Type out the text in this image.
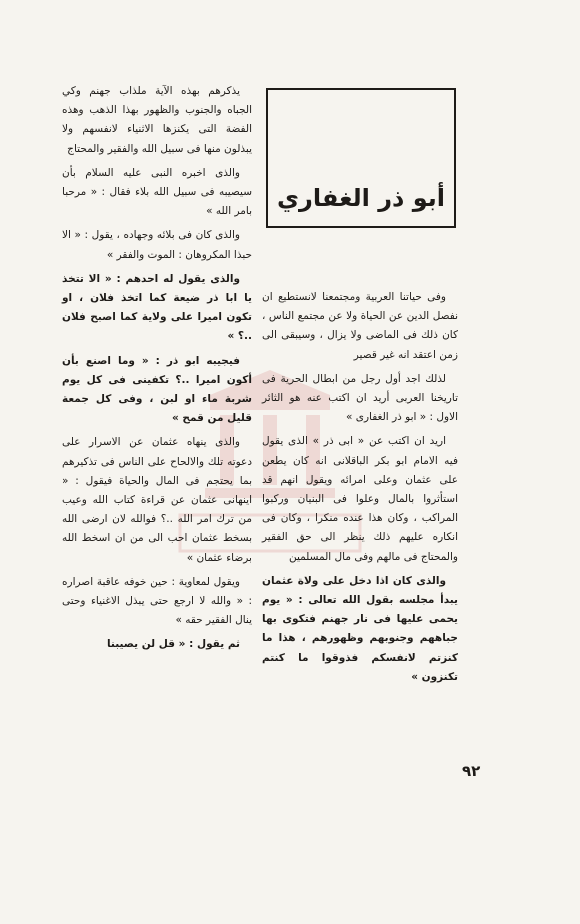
أبو ذر الغفاري

يذكرهم بهذه الآية ملذاب جهنم وكي الجباه والجنوب والظهور بهذا الذهب وهذه الفضة التى يكنزها الاثنياء لانفسهم ولا يبذلون منها فى سبيل الله والفقير والمحتاج

والذى اخبره النبى عليه السلام بأن سيصيبه فى سبيل الله بلاء فقال : « مرحبا بامر الله »

والذى كان فى بلائه وجهاده ، يقول : « الا حبذا المكروهان : الموت والفقر »

والذى يقول له احدهم : « الا تتخذ يا ابا ذر ضيعة كما اتخذ فلان ، او تكون اميرا على ولاية كما اصبح فلان ..؟ »

فيجيبه ابو ذر : « وما اصنع بأن أكون اميرا ..؟ تكفينى فى كل يوم شربة ماء او لبن ، وفى كل جمعة قليل من قمح »

والذى ينهاه عثمان عن الاسرار على دعوته تلك والالحاح على الناس فى تذكيرهم بما يحتجم فى المال والحياة فيقول : « اينهانى عثمان عن قراءة كتاب الله وعيب من ترك امر الله ..؟ فوالله لان ارضى الله بسخط عثمان احب الى من ان اسخط الله برضاء عثمان »

ويقول لمعاوية : حين خوفه عاقبة اصراره : « والله لا ارجع حتى يبذل الاغنياء وحتى ينال الفقير حقه »

ثم يقول : « قل لن يصيبنا

وفى حياتنا العربية ومجتمعنا لانستطيع ان نفصل الدين عن الحياة ولا عن مجتمع الناس ، كان ذلك فى الماضى ولا يزال ، وسيبقى الى زمن اعتقد انه غير قصير

لذلك اجد أول رجل من ابطال الحرية فى تاريخنا العربى أريد ان اكتب عنه هو الثائر الاول : « ابو ذر الغفارى »

اريد ان اكتب عن « ابى ذر » الذى يقول فيه الامام ابو بكر الباقلانى انه كان يطعن على عثمان وعلى امرائه ويقول انهم قد استأثروا بالمال وعلوا فى البنيان وركبوا المراكب ، وكان هذا عنده منكرا ، وكان فى انكاره عليهم ذلك ينظر الى حق الفقير والمحتاج فى مالهم وفى مال المسلمين

والذى كان اذا دخل على ولاة عثمان يبدأ مجلسه بقول الله تعالى : « يوم يحمى عليها فى نار جهنم فتكوى بها جباههم وجنوبهم وظهورهم ، هذا ما كنزتم لانفسكم فذوقوا ما كنتم تكنزون »

٩٢
